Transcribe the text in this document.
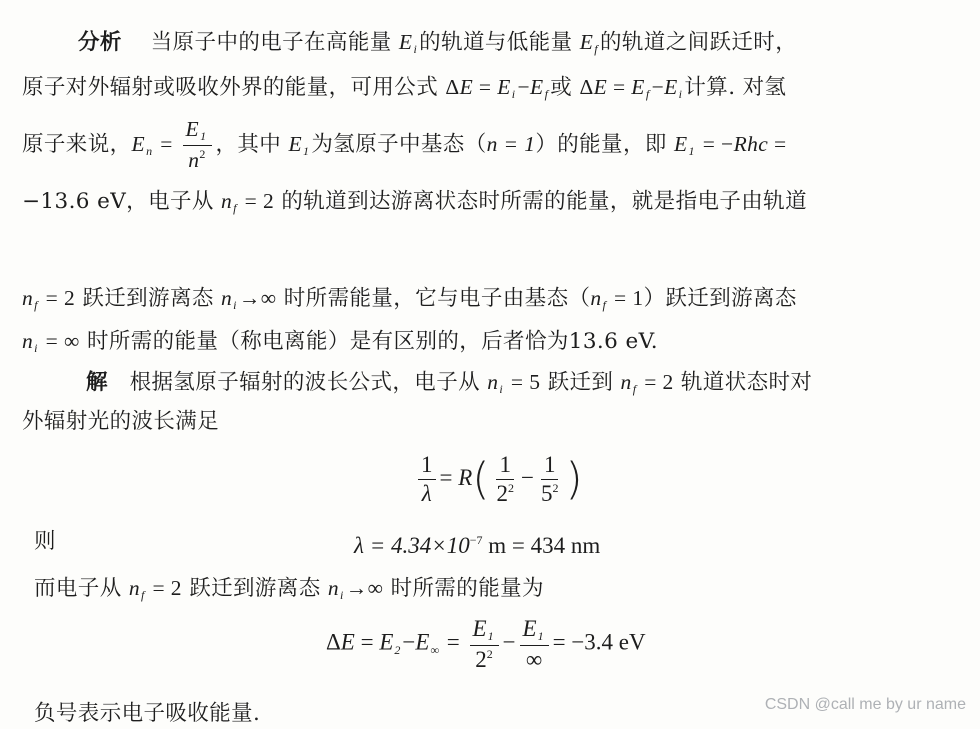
分析 当原子中的电子在高能量 $E_i$的轨道与低能量 $E_f$的轨道之间跃迁时，
原子对外辐射或吸收外界的能量，可用公式 $\Delta E = E_i-E_f$或 $\Delta E = E_f-E_i$计算. 对氢
原子来说，$E_n = \frac{E_1}{n^2}$ ，其中 $E_1$为氢原子中基态（n = 1）的能量，即 $E_1 = -Rhc$ =
−13.6 eV，电子从 $n_f = 2$ 的轨道到达游离状态时所需的能量，就是指电子由轨道
$n_f = 2$ 跃迁到游离态 $n_i\to\infty$ 时所需能量，它与电子由基态$(n_f = 1)$跃迁到游离态
$n_i$ = ∞ 时所需的能量（称电离能）是有区别的，后者恰为13.6 eV.
解 根据氢原子辐射的波长公式，电子从 $n_i = 5$ 跃迁到 $n_f = 2$ 轨道状态时对
外辐射光的波长满足
$\frac{1}{\lambda} = R( \frac{1}{2^2} - \frac{1}{5^2}$ )
则	$\lambda = 4.34\times 10^{-7}$ m = 434 nm
而电子从 $n_f = 2$ 跃迁到游离态 $n_i\to\infty$ 时所需的能量为
$\Delta E = E_2-E_\infty = \frac{E_1}{2^2} - \frac{E_1}{\infty} = -3.4$ eV
负号表示电子吸收能量.	CSDN @call me by ur name
